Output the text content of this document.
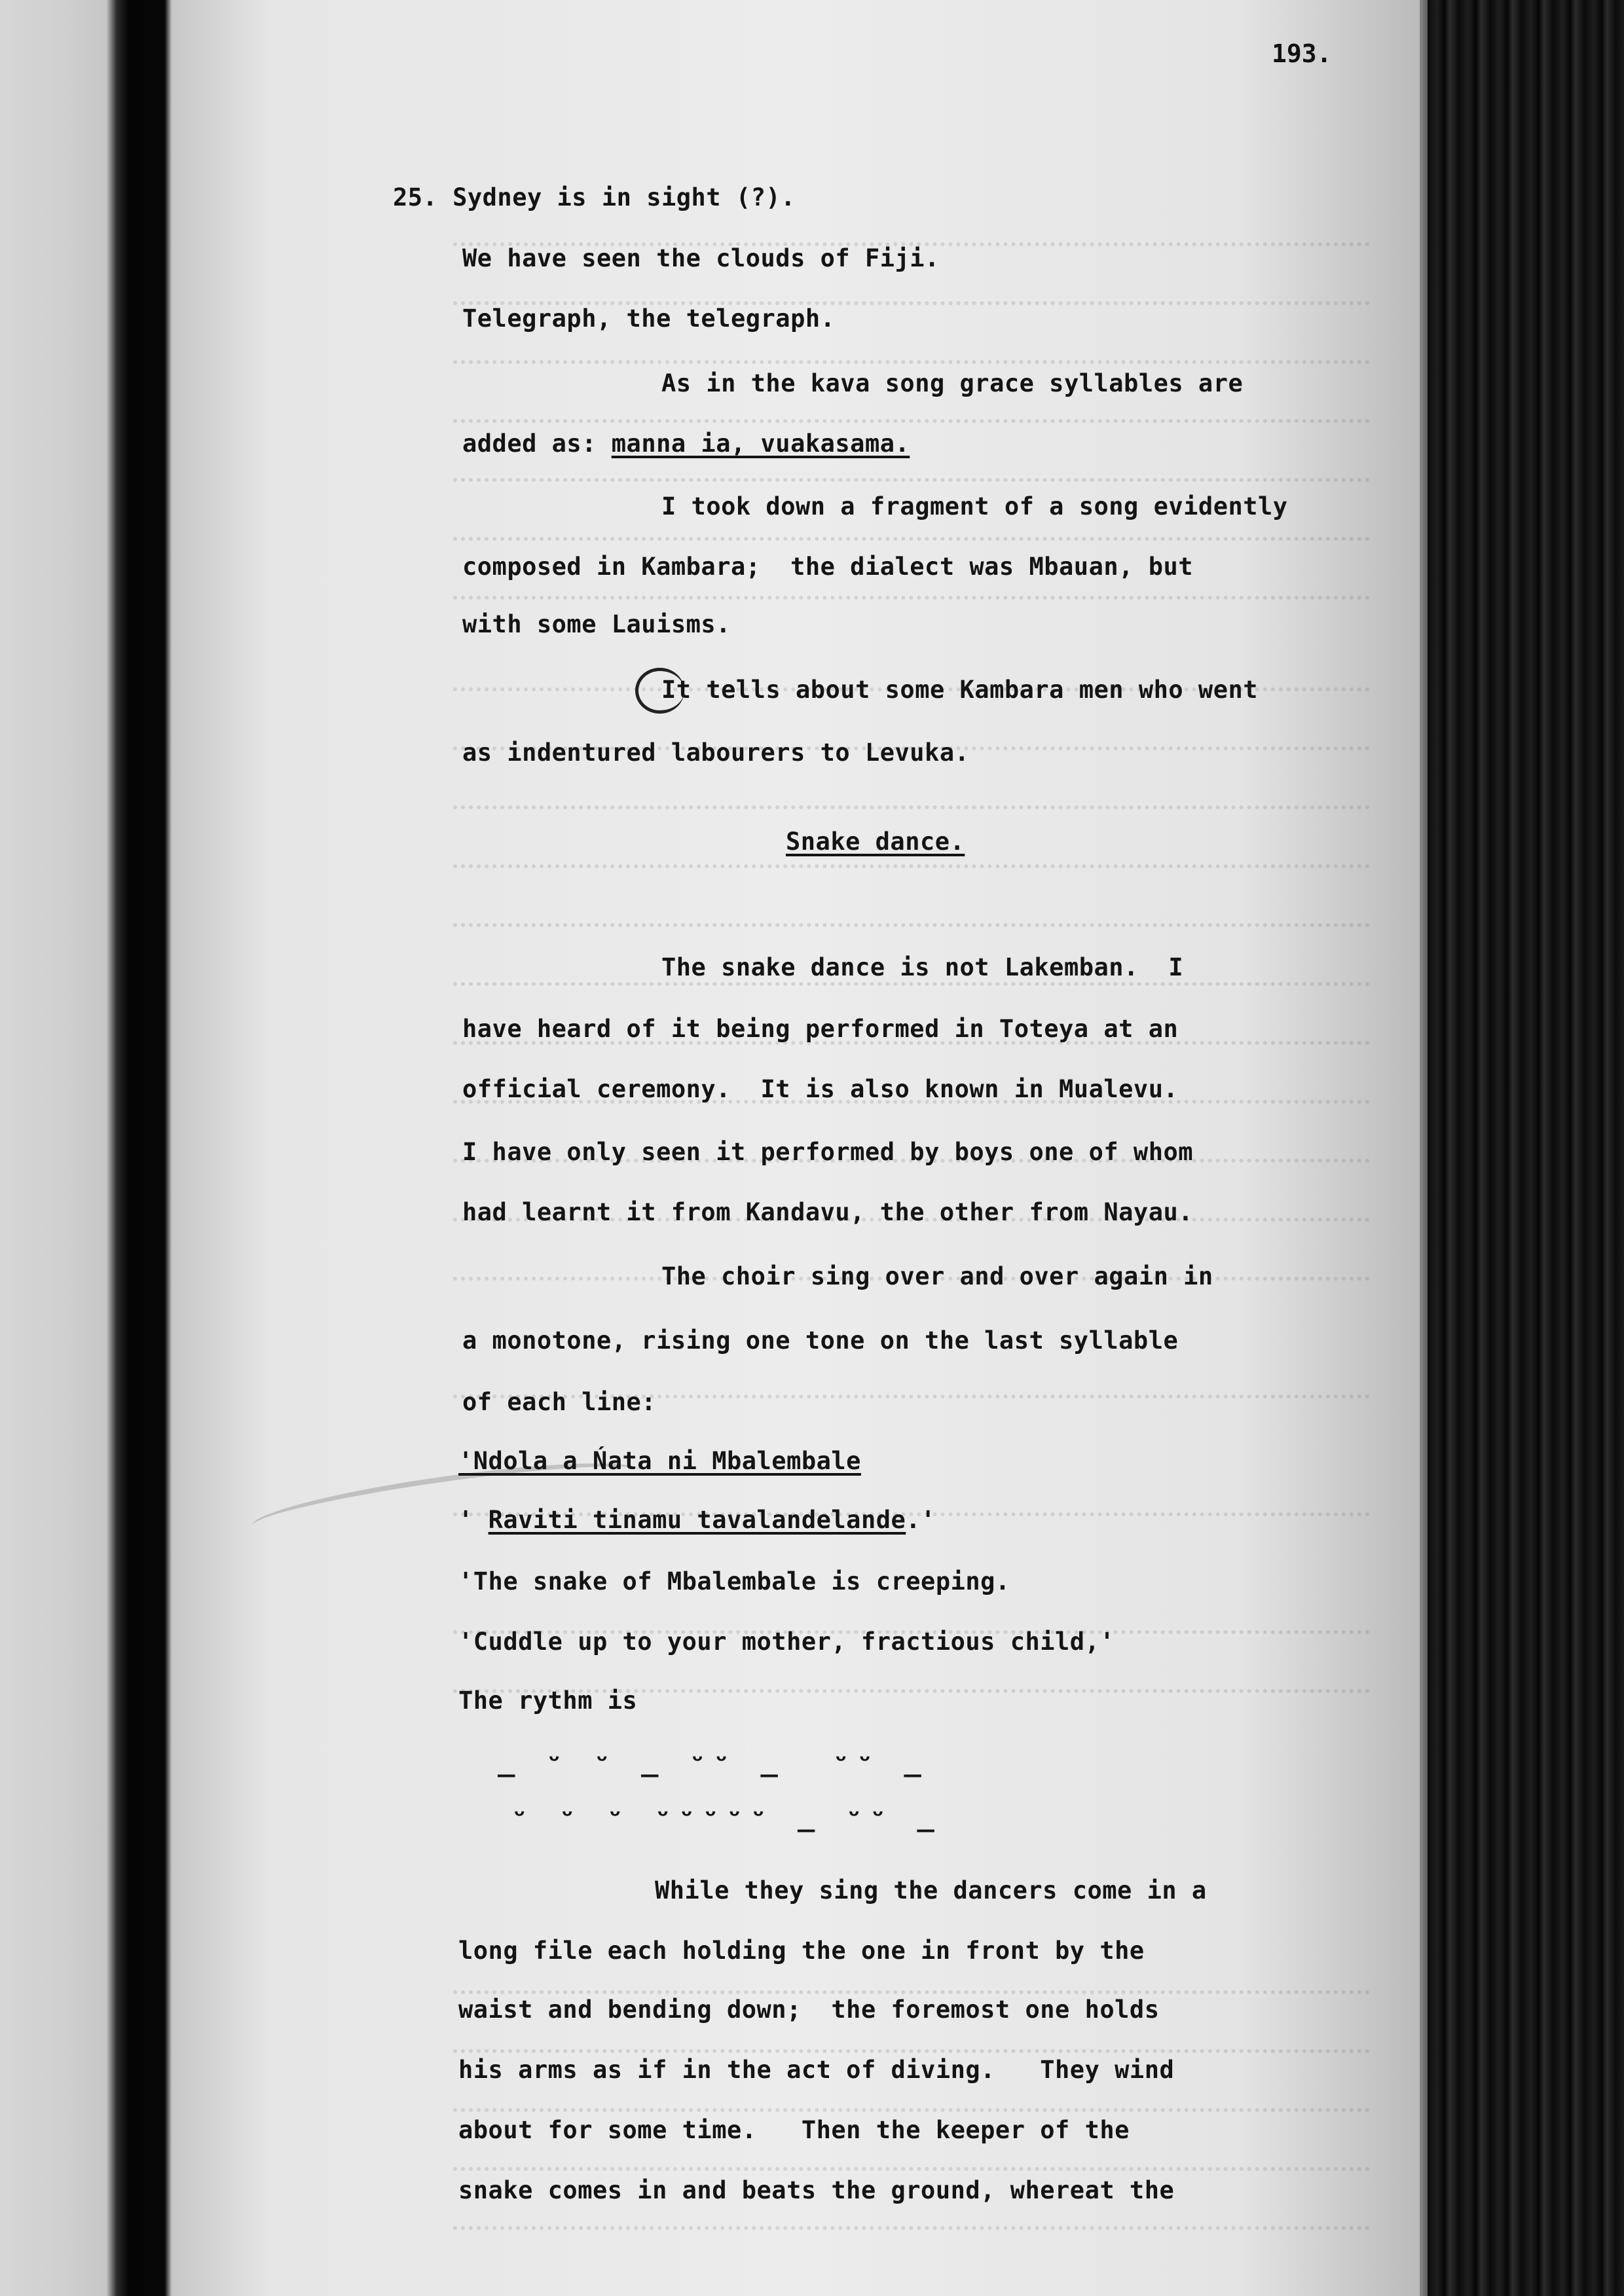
193.
25. Sydney is in sight (?).
We have seen the clouds of Fiji.
Telegraph, the telegraph.
As in the kava song grace syllables are
added as: manna ia, vuakasama.
I took down a fragment of a song evidently
composed in Kambara;  the dialect was Mbauan, but
with some Lauisms.
It tells about some Kambara men who went
as indentured labourers to Levuka.
Snake dance.
The snake dance is not Lakemban.  I
have heard of it being performed in Toteya at an
official ceremony.  It is also known in Mualevu.
I have only seen it performed by boys one of whom
had learnt it from Kandavu, the other from Nayau.
The choir sing over and over again in
a monotone, rising one tone on the last syllable
of each line:
'Ndola a Ńata ni Mbalembale
' Raviti tinamu tavalandelande.'
'The snake of Mbalembale is creeping.
'Cuddle up to your mother, fractious child,'
The rythm is
_ ᵕ ᵕ _ ᵕᵕ _  ᵕᵕ _
ᵕ ᵕ ᵕ ᵕᵕᵕᵕᵕ _ ᵕᵕ _
While they sing the dancers come in a
long file each holding the one in front by the
waist and bending down;  the foremost one holds
his arms as if in the act of diving.   They wind
about for some time.   Then the keeper of the
snake comes in and beats the ground, whereat the
